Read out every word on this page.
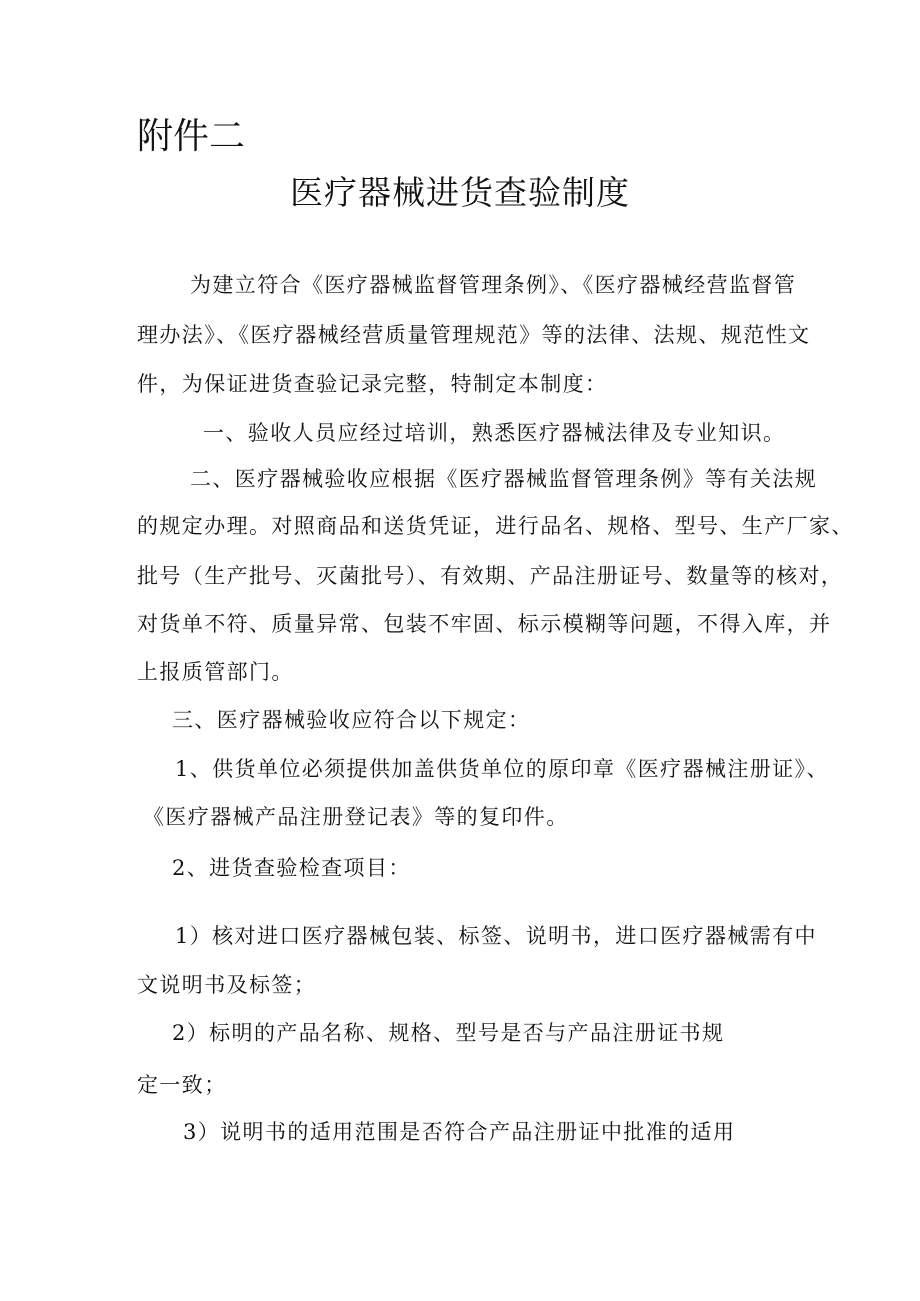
附件二
医疗器械进货查验制度

为建立符合《医疗器械监督管理条例》、《医疗器械经营监督管

理办法》、《医疗器械经营质量管理规范》等的法律、法规、规范性文

件，为保证进货查验记录完整，特制定本制度：

一、验收人员应经过培训，熟悉医疗器械法律及专业知识。

二、医疗器械验收应根据《医疗器械监督管理条例》等有关法规

的规定办理。对照商品和送货凭证，进行品名、规格、型号、生产厂家、

批号（生产批号、灭菌批号）、有效期、产品注册证号、数量等的核对，

对货单不符、质量异常、包装不牢固、标示模糊等问题，不得入库，并

上报质管部门。

三、医疗器械验收应符合以下规定：

1、供货单位必须提供加盖供货单位的原印章《医疗器械注册证》、

《医疗器械产品注册登记表》等的复印件。

2、进货查验检查项目：

1）核对进口医疗器械包装、标签、说明书，进口医疗器械需有中

文说明书及标签；

2）标明的产品名称、规格、型号是否与产品注册证书规

定一致；

3）说明书的适用范围是否符合产品注册证中批准的适用
